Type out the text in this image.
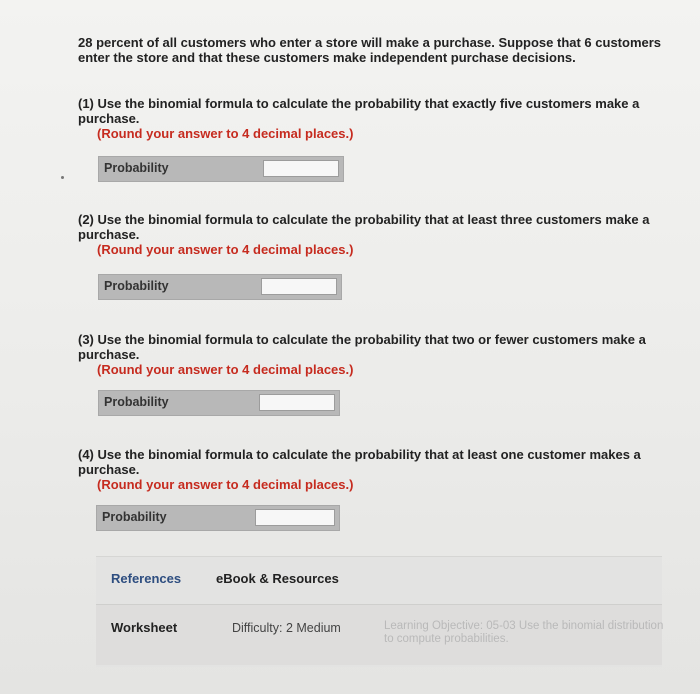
28 percent of all customers who enter a store will make a purchase. Suppose that 6 customers enter the store and that these customers make independent purchase decisions.
(1) Use the binomial formula to calculate the probability that exactly five customers make a purchase.
(Round your answer to 4 decimal places.)
Probability
(2) Use the binomial formula to calculate the probability that at least three customers make a purchase.
(Round your answer to 4 decimal places.)
Probability
(3) Use the binomial formula to calculate the probability that two or fewer customers make a purchase.
(Round your answer to 4 decimal places.)
Probability
(4) Use the binomial formula to calculate the probability that at least one customer makes a purchase.
(Round your answer to 4 decimal places.)
Probability
References	eBook & Resources
Worksheet	Difficulty: 2 Medium	Learning Objective: 05-03 Use the binomial distribution to compute probabilities.
